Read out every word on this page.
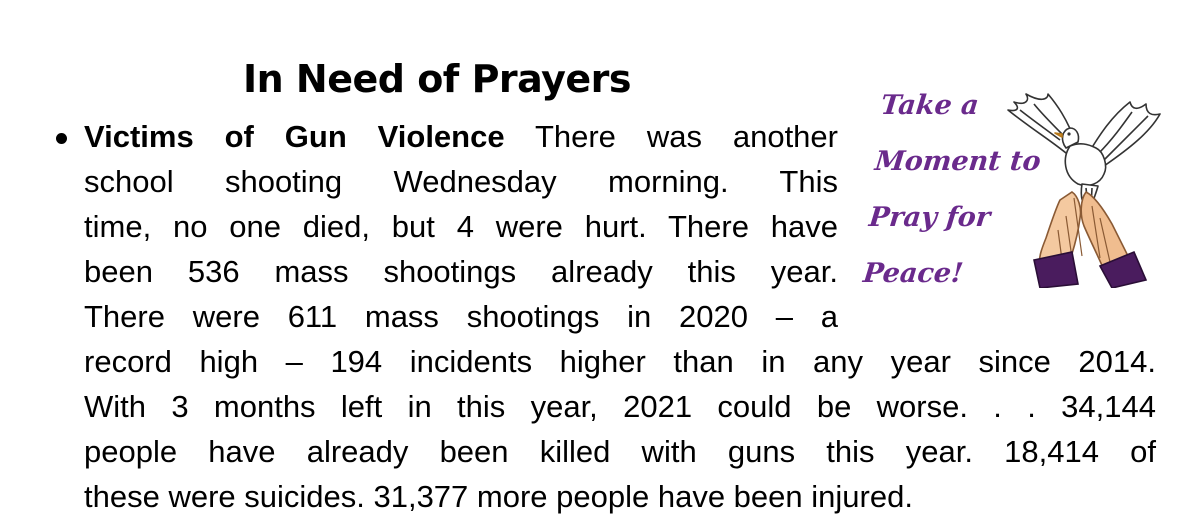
In Need of Prayers
Victims of Gun Violence There was another
school shooting Wednesday morning. This
time, no one died, but 4 were hurt. There have
been 536 mass shootings already this year.
There were 611 mass shootings in 2020 – a
record high – 194 incidents higher than in any year since 2014.
With 3 months left in this year, 2021 could be worse. . . 34,144
people have already been killed with guns this year. 18,414 of
these were suicides. 31,377 more people have been injured.
Take a
Moment to
Pray for
Peace!
